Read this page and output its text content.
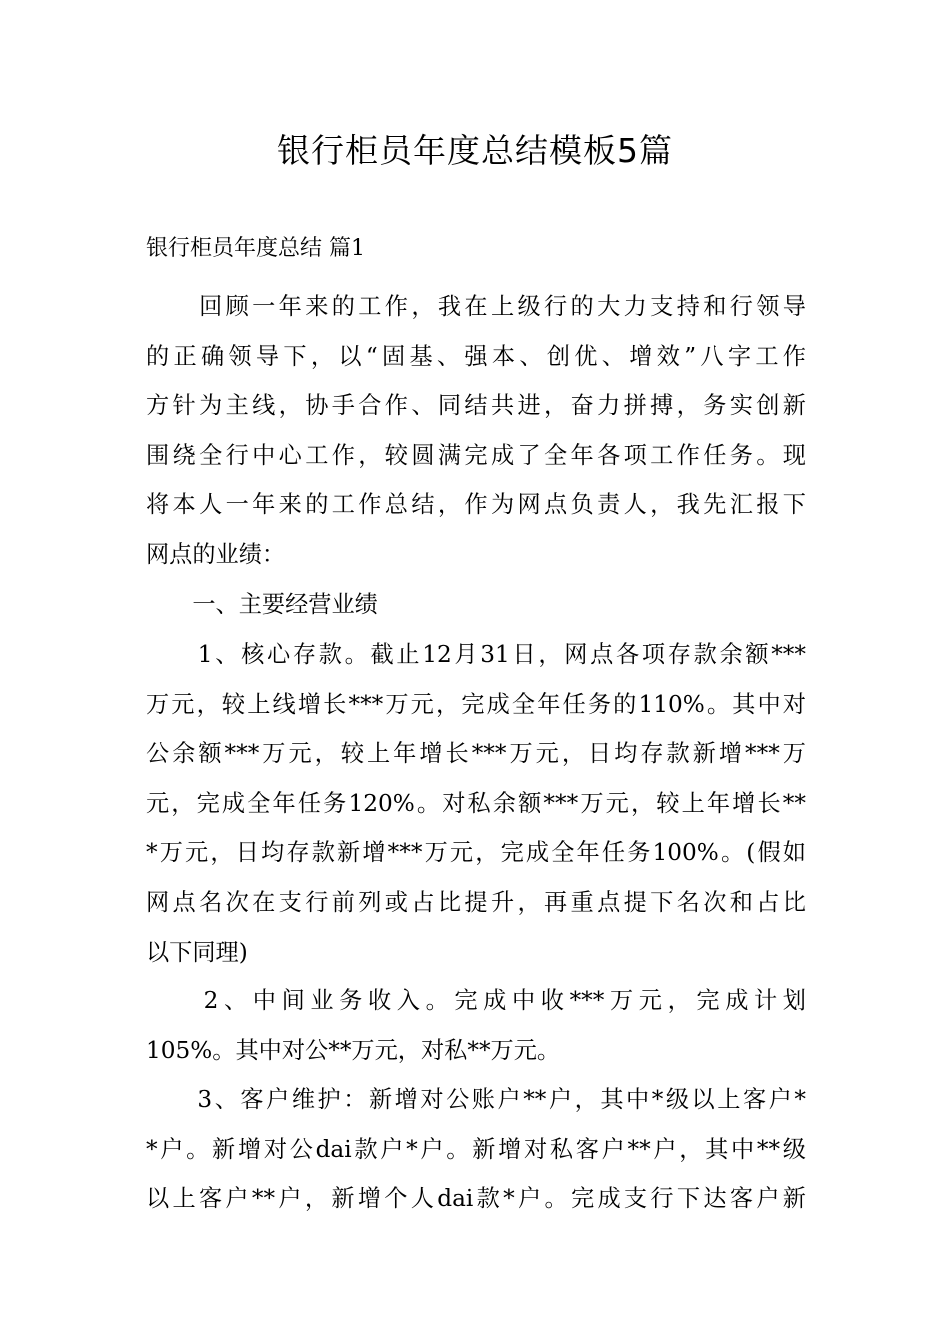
银行柜员年度总结模板5篇
银行柜员年度总结 篇1
　　回顾一年来的工作，我在上级行的大力支持和行领导
的正确领导下，以“固基、强本、创优、增效”八字工作
方针为主线，协手合作、同结共进，奋力拼搏，务实创新
围绕全行中心工作，较圆满完成了全年各项工作任务。现
将本人一年来的工作总结，作为网点负责人，我先汇报下
网点的业绩：
　　一、主要经营业绩
　　1、核心存款。截止12月31日，网点各项存款余额***
万元，较上线增长***万元，完成全年任务的110%。其中对
公余额***万元，较上年增长***万元，日均存款新增***万
元，完成全年任务120%。对私余额***万元，较上年增长**
*万元，日均存款新增***万元，完成全年任务100%。(假如
网点名次在支行前列或占比提升，再重点提下名次和占比
以下同理)
　　2、中间业务收入。完成中收***万元，完成计划
105%。其中对公**万元，对私**万元。
　　3、客户维护：新增对公账户**户，其中*级以上客户*
*户。新增对公dai款户*户。新增对私客户**户，其中**级
以上客户**户，新增个人dai款*户。完成支行下达客户新
